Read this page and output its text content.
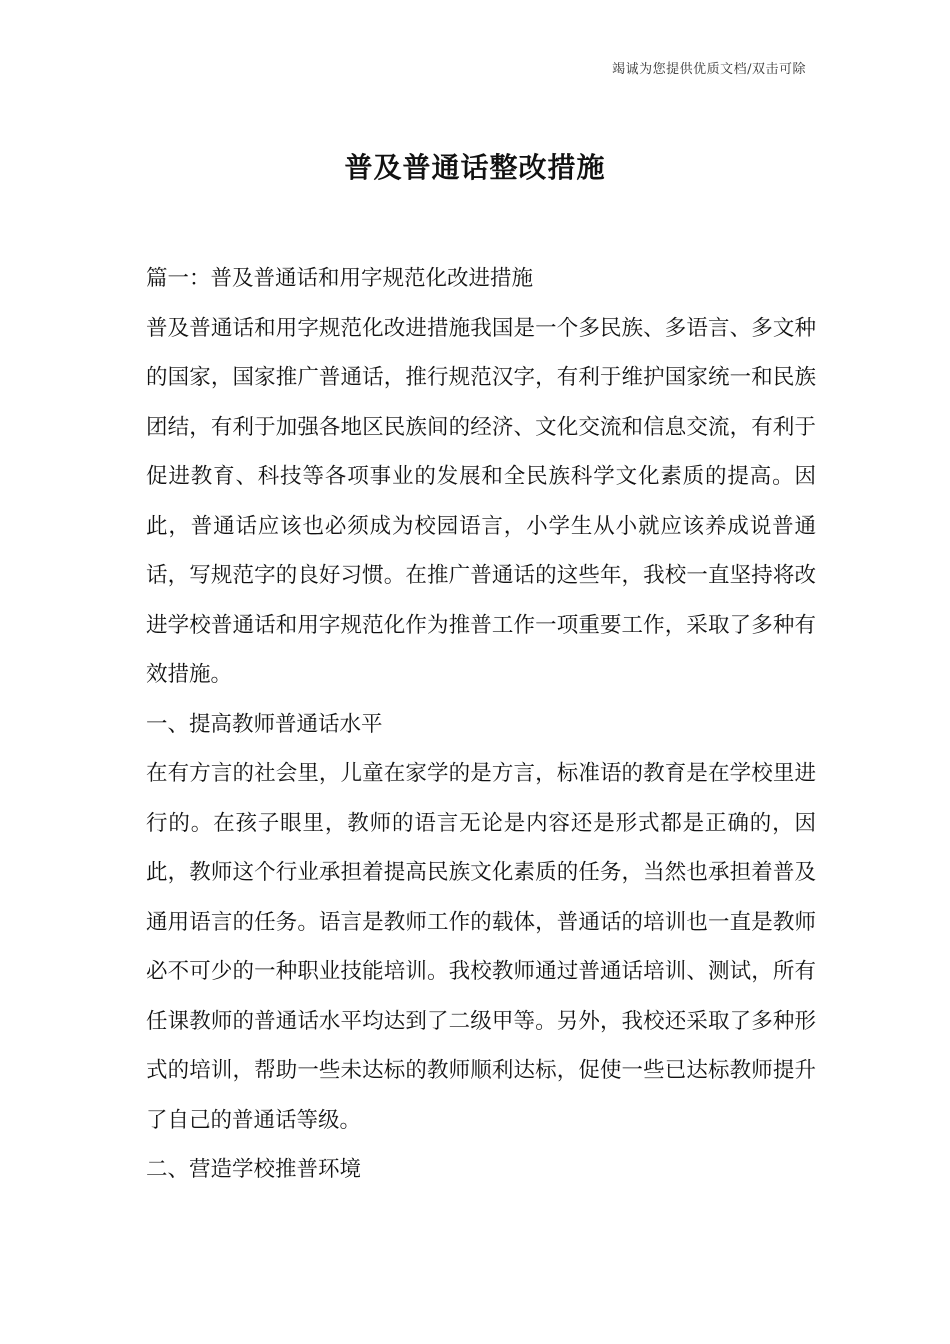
竭诚为您提供优质文档/双击可除
普及普通话整改措施

篇一：普及普通话和用字规范化改进措施

普及普通话和用字规范化改进措施我国是一个多民族、多语言、多文种的国家，国家推广普通话，推行规范汉字，有利于维护国家统一和民族团结，有利于加强各地区民族间的经济、文化交流和信息交流，有利于促进教育、科技等各项事业的发展和全民族科学文化素质的提高。因此，普通话应该也必须成为校园语言，小学生从小就应该养成说普通话，写规范字的良好习惯。在推广普通话的这些年，我校一直坚持将改进学校普通话和用字规范化作为推普工作一项重要工作，采取了多种有效措施。

一、提高教师普通话水平

在有方言的社会里，儿童在家学的是方言，标准语的教育是在学校里进行的。在孩子眼里，教师的语言无论是内容还是形式都是正确的，因此，教师这个行业承担着提高民族文化素质的任务，当然也承担着普及通用语言的任务。语言是教师工作的载体，普通话的培训也一直是教师必不可少的一种职业技能培训。我校教师通过普通话培训、测试，所有任课教师的普通话水平均达到了二级甲等。另外，我校还采取了多种形式的培训，帮助一些未达标的教师顺利达标，促使一些已达标教师提升了自己的普通话等级。

二、营造学校推普环境
